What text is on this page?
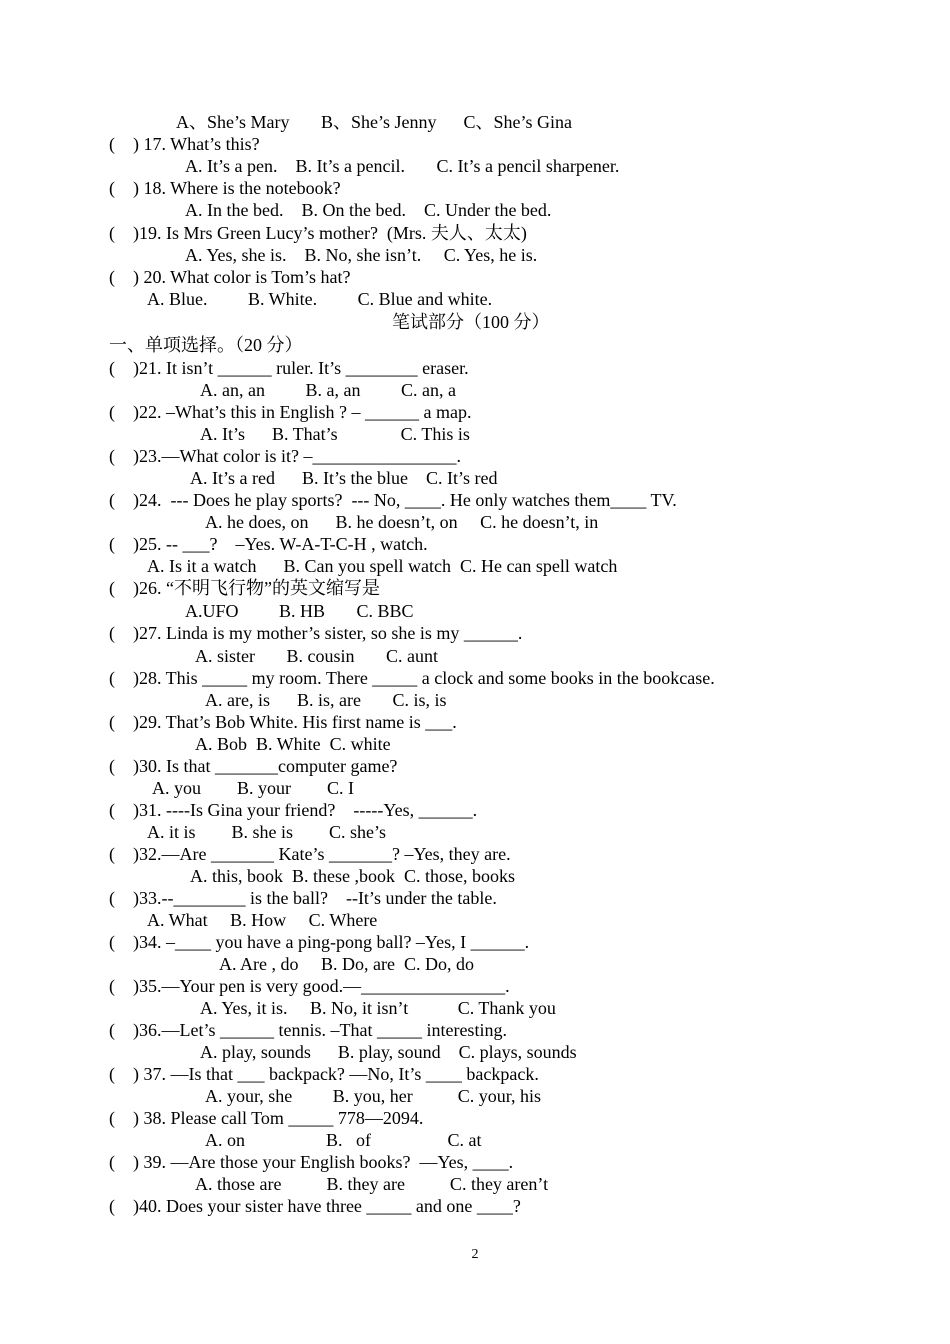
A、She’s Mary       B、She’s Jenny      C、She’s Gina
(    ) 17. What’s this?
A. It’s a pen.    B. It’s a pencil.       C. It’s a pencil sharpener.
(    ) 18. Where is the notebook?
A. In the bed.    B. On the bed.    C. Under the bed.
(    )19. Is Mrs Green Lucy’s mother?  (Mrs. 夫人、太太)
A. Yes, she is.    B. No, she isn’t.     C. Yes, he is.
(    ) 20. What color is Tom’s hat?
A. Blue.         B. White.         C. Blue and white.
笔试部分（100 分）
一、单项选择。（20 分）
(    )21. It isn’t ______ ruler. It’s ________ eraser.
A. an, an         B. a, an         C. an, a
(    )22. –What’s this in English ? – ______ a map.
A. It’s      B. That’s              C. This is
(    )23.—What color is it? –________________.
A. It’s a red      B. It’s the blue    C. It’s red
(    )24.  --- Does he play sports?  --- No, ____. He only watches them____ TV.
A. he does, on      B. he doesn’t, on     C. he doesn’t, in
(    )25. -- ___?    –Yes. W-A-T-C-H , watch.
A. Is it a watch      B. Can you spell watch  C. He can spell watch
(    )26. “不明飞行物”的英文缩写是
A.UFO         B. HB       C. BBC
(    )27. Linda is my mother’s sister, so she is my ______.
A. sister       B. cousin       C. aunt
(    )28. This _____ my room. There _____ a clock and some books in the bookcase.
A. are, is      B. is, are       C. is, is
(    )29. That’s Bob White. His first name is ___.
A. Bob  B. White  C. white
(    )30. Is that _______computer game?
A. you        B. your        C. I
(    )31. ----Is Gina your friend?    -----Yes, ______.
A. it is        B. she is        C. she’s
(    )32.—Are _______ Kate’s _______? –Yes, they are.
A. this, book  B. these ,book  C. those, books
(    )33.--________ is the ball?    --It’s under the table.
A. What     B. How     C. Where
(    )34. –____ you have a ping-pong ball? –Yes, I ______.
A. Are , do     B. Do, are  C. Do, do
(    )35.—Your pen is very good.—________________.
A. Yes, it is.     B. No, it isn’t           C. Thank you
(    )36.—Let’s ______ tennis. –That _____ interesting.
A. play, sounds      B. play, sound    C. plays, sounds
(    ) 37. —Is that ___ backpack? —No, It’s ____ backpack.
A. your, she         B. you, her          C. your, his
(    ) 38. Please call Tom _____ 778—2094.
A. on                  B.   of                 C. at
(    ) 39. —Are those your English books?  —Yes, ____.
A. those are          B. they are          C. they aren’t
(    )40. Does your sister have three _____ and one ____?
2
